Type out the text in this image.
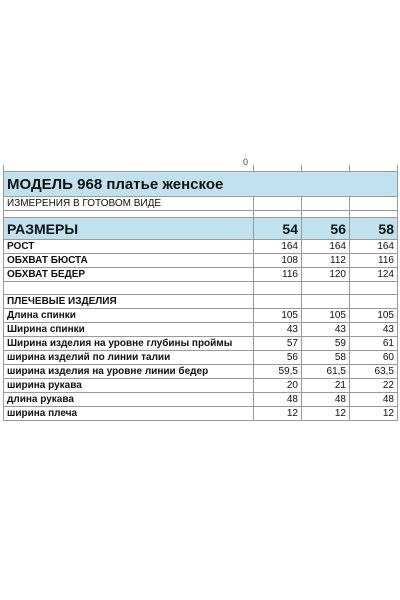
0

МОДЕЛЬ 968 платье женское			
ИЗМЕРЕНИЯ В ГОТОВОМ ВИДЕ			

РАЗМЕРЫ	54	56	58
РОСТ	164	164	164
ОБХВАТ БЮСТА	108	112	116
ОБХВАТ БЕДЕР	116	120	124

ПЛЕЧЕВЫЕ ИЗДЕЛИЯ			
Длина спинки	105	105	105
Ширина спинки	43	43	43
Ширина изделия на уровне глубины проймы	57	59	61
ширина изделий по линии талии	56	58	60
ширина изделия на уровне линии бедер	59,5	61,5	63,5
ширина рукава	20	21	22
длина рукава	48	48	48
ширина плеча	12	12	12
